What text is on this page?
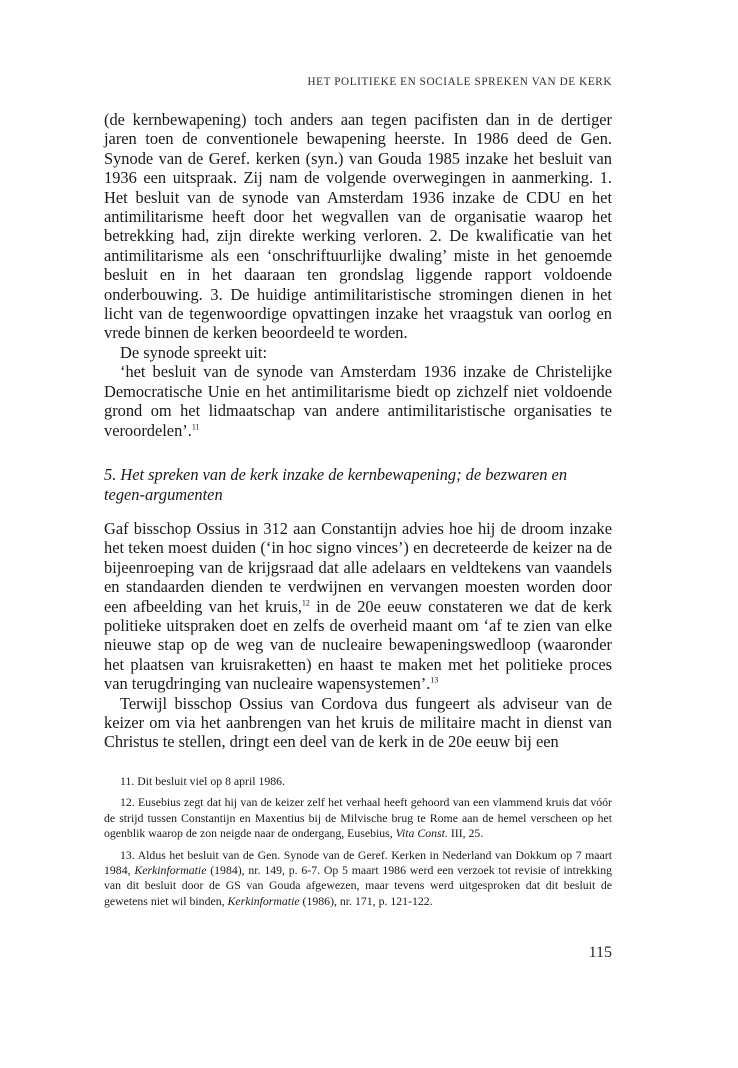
HET POLITIEKE EN SOCIALE SPREKEN VAN DE KERK

(de kernbewapening) toch anders aan tegen pacifisten dan in de dertiger jaren toen de conventionele bewapening heerste. In 1986 deed de Gen. Synode van de Geref. kerken (syn.) van Gouda 1985 inzake het besluit van 1936 een uitspraak. Zij nam de volgende overwegingen in aanmerking. 1. Het besluit van de synode van Amsterdam 1936 inzake de CDU en het antimilitarisme heeft door het wegvallen van de organisatie waarop het betrekking had, zijn direkte werking verloren. 2. De kwalificatie van het antimilitarisme als een ‘onschriftuurlijke dwaling’ miste in het genoemde besluit en in het daaraan ten grondslag liggende rapport voldoende onderbouwing. 3. De huidige antimilitaristische stromingen dienen in het licht van de tegenwoordige opvattingen inzake het vraagstuk van oorlog en vrede binnen de kerken beoordeeld te worden.

De synode spreekt uit:

‘het besluit van de synode van Amsterdam 1936 inzake de Christelijke Democratische Unie en het antimilitarisme biedt op zichzelf niet voldoende grond om het lidmaatschap van andere antimilitaristische organisaties te veroordelen’.$^{11}$

5. Het spreken van de kerk inzake de kernbewapening; de bezwaren en tegen-argumenten

Gaf bisschop Ossius in 312 aan Constantijn advies hoe hij de droom inzake het teken moest duiden (‘in hoc signo vinces’) en decreteerde de keizer na de bijeenroeping van de krijgsraad dat alle adelaars en veldtekens van vaandels en standaarden dienden te verdwijnen en vervangen moesten worden door een afbeelding van het kruis,$^{12}$ in de 20e eeuw constateren we dat de kerk politieke uitspraken doet en zelfs de overheid maant om ‘af te zien van elke nieuwe stap op de weg van de nucleaire bewapeningswedloop (waaronder het plaatsen van kruisraketten) en haast te maken met het politieke proces van terugdringing van nucleaire wapensystemen’.$^{13}$

Terwijl bisschop Ossius van Cordova dus fungeert als adviseur van de keizer om via het aanbrengen van het kruis de militaire macht in dienst van Christus te stellen, dringt een deel van de kerk in de 20e eeuw bij een

11. Dit besluit viel op 8 april 1986.

12. Eusebius zegt dat hij van de keizer zelf het verhaal heeft gehoord van een vlammend kruis dat vóór de strijd tussen Constantijn en Maxentius bij de Milvische brug te Rome aan de hemel verscheen op het ogenblik waarop de zon neigde naar de ondergang, Eusebius, Vita Const. III, 25.

13. Aldus het besluit van de Gen. Synode van de Geref. Kerken in Nederland van Dokkum op 7 maart 1984, Kerkinformatie (1984), nr. 149, p. 6-7. Op 5 maart 1986 werd een verzoek tot revisie of intrekking van dit besluit door de GS van Gouda afgewezen, maar tevens werd uitgesproken dat dit besluit de gewetens niet wil binden, Kerkinformatie (1986), nr. 171, p. 121-122.

115
